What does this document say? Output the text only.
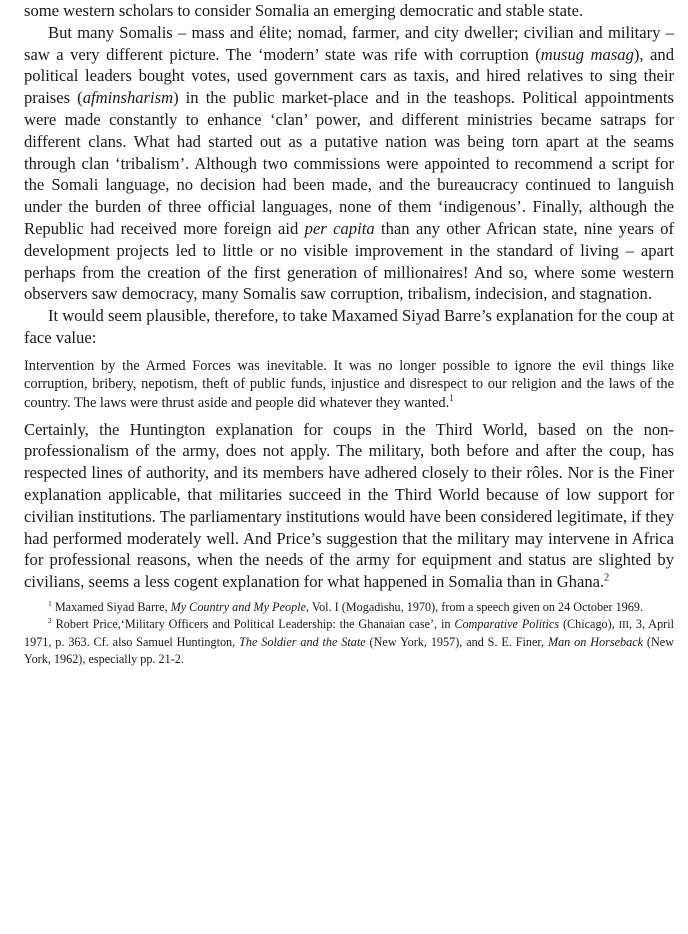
some western scholars to consider Somalia an emerging democratic and stable state.

But many Somalis – mass and élite; nomad, farmer, and city dweller; civilian and military – saw a very different picture. The ‘modern’ state was rife with corruption (musug masag), and political leaders bought votes, used government cars as taxis, and hired relatives to sing their praises (afminsharism) in the public market-place and in the teashops. Political appointments were made constantly to enhance ‘clan’ power, and different ministries became satraps for different clans. What had started out as a putative nation was being torn apart at the seams through clan ‘tribalism’. Although two commissions were appointed to recommend a script for the Somali language, no decision had been made, and the bureaucracy continued to languish under the burden of three official languages, none of them ‘indigenous’. Finally, although the Republic had received more foreign aid per capita than any other African state, nine years of development projects led to little or no visible improvement in the standard of living – apart perhaps from the creation of the first generation of millionaires! And so, where some western observers saw democracy, many Somalis saw corruption, tribalism, indecision, and stagnation.

It would seem plausible, therefore, to take Maxamed Siyad Barre’s explanation for the coup at face value:

Intervention by the Armed Forces was inevitable. It was no longer possible to ignore the evil things like corruption, bribery, nepotism, theft of public funds, injustice and disrespect to our religion and the laws of the country. The laws were thrust aside and people did whatever they wanted.$^1$

Certainly, the Huntington explanation for coups in the Third World, based on the non-professionalism of the army, does not apply. The military, both before and after the coup, has respected lines of authority, and its members have adhered closely to their rôles. Nor is the Finer explanation applicable, that militaries succeed in the Third World because of low support for civilian institutions. The parliamentary institutions would have been considered legitimate, if they had performed moderately well. And Price’s suggestion that the military may intervene in Africa for professional reasons, when the needs of the army for equipment and status are slighted by civilians, seems a less cogent explanation for what happened in Somalia than in Ghana.$^2$

$^1$ Maxamed Siyad Barre, My Country and My People, Vol. I (Mogadishu, 1970), from a speech given on 24 October 1969.

$^2$ Robert Price,‘Military Officers and Political Leadership: the Ghanaian case’, in Comparative Politics (Chicago), III, 3, April 1971, p. 363. Cf. also Samuel Huntington, The Soldier and the State (New York, 1957), and S. E. Finer, Man on Horseback (New York, 1962), especially pp. 21-2.
